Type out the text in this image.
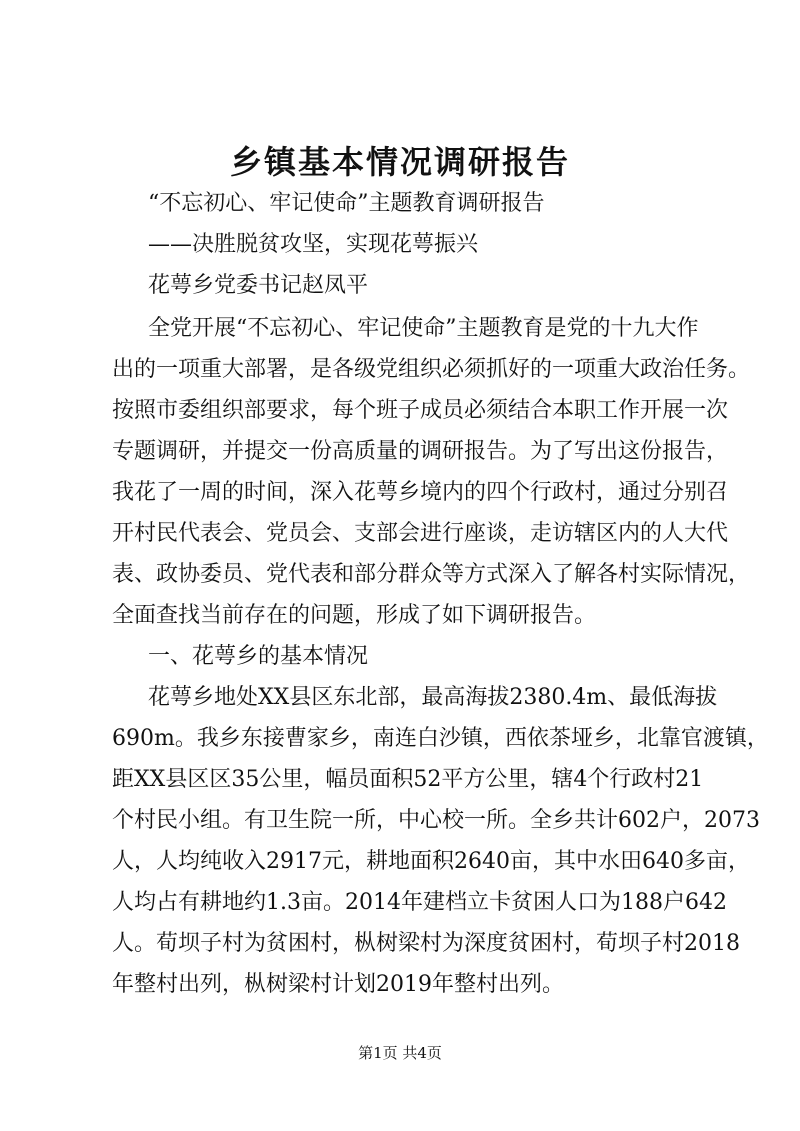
乡镇基本情况调研报告
“不忘初心、牢记使命”主题教育调研报告
——决胜脱贫攻坚，实现花萼振兴
花萼乡党委书记赵凤平
全党开展“不忘初心、牢记使命”主题教育是党的十九大作
出的一项重大部署，是各级党组织必须抓好的一项重大政治任务。
按照市委组织部要求，每个班子成员必须结合本职工作开展一次
专题调研，并提交一份高质量的调研报告。为了写出这份报告，
我花了一周的时间，深入花萼乡境内的四个行政村，通过分别召
开村民代表会、党员会、支部会进行座谈，走访辖区内的人大代
表、政协委员、党代表和部分群众等方式深入了解各村实际情况，
全面查找当前存在的问题，形成了如下调研报告。
一、花萼乡的基本情况
花萼乡地处XX县区东北部，最高海拔2380.4m、最低海拔
690m。我乡东接曹家乡，南连白沙镇，西依茶垭乡，北靠官渡镇，
距XX县区区35公里，幅员面积52平方公里，辖4个行政村21
个村民小组。有卫生院一所，中心校一所。全乡共计602户，2073
人，人均纯收入2917元，耕地面积2640亩，其中水田640多亩，
人均占有耕地约1.3亩。2014年建档立卡贫困人口为188户642
人。荀坝子村为贫困村，枞树梁村为深度贫困村，荀坝子村2018
年整村出列，枞树梁村计划2019年整村出列。
第1页 共4页
